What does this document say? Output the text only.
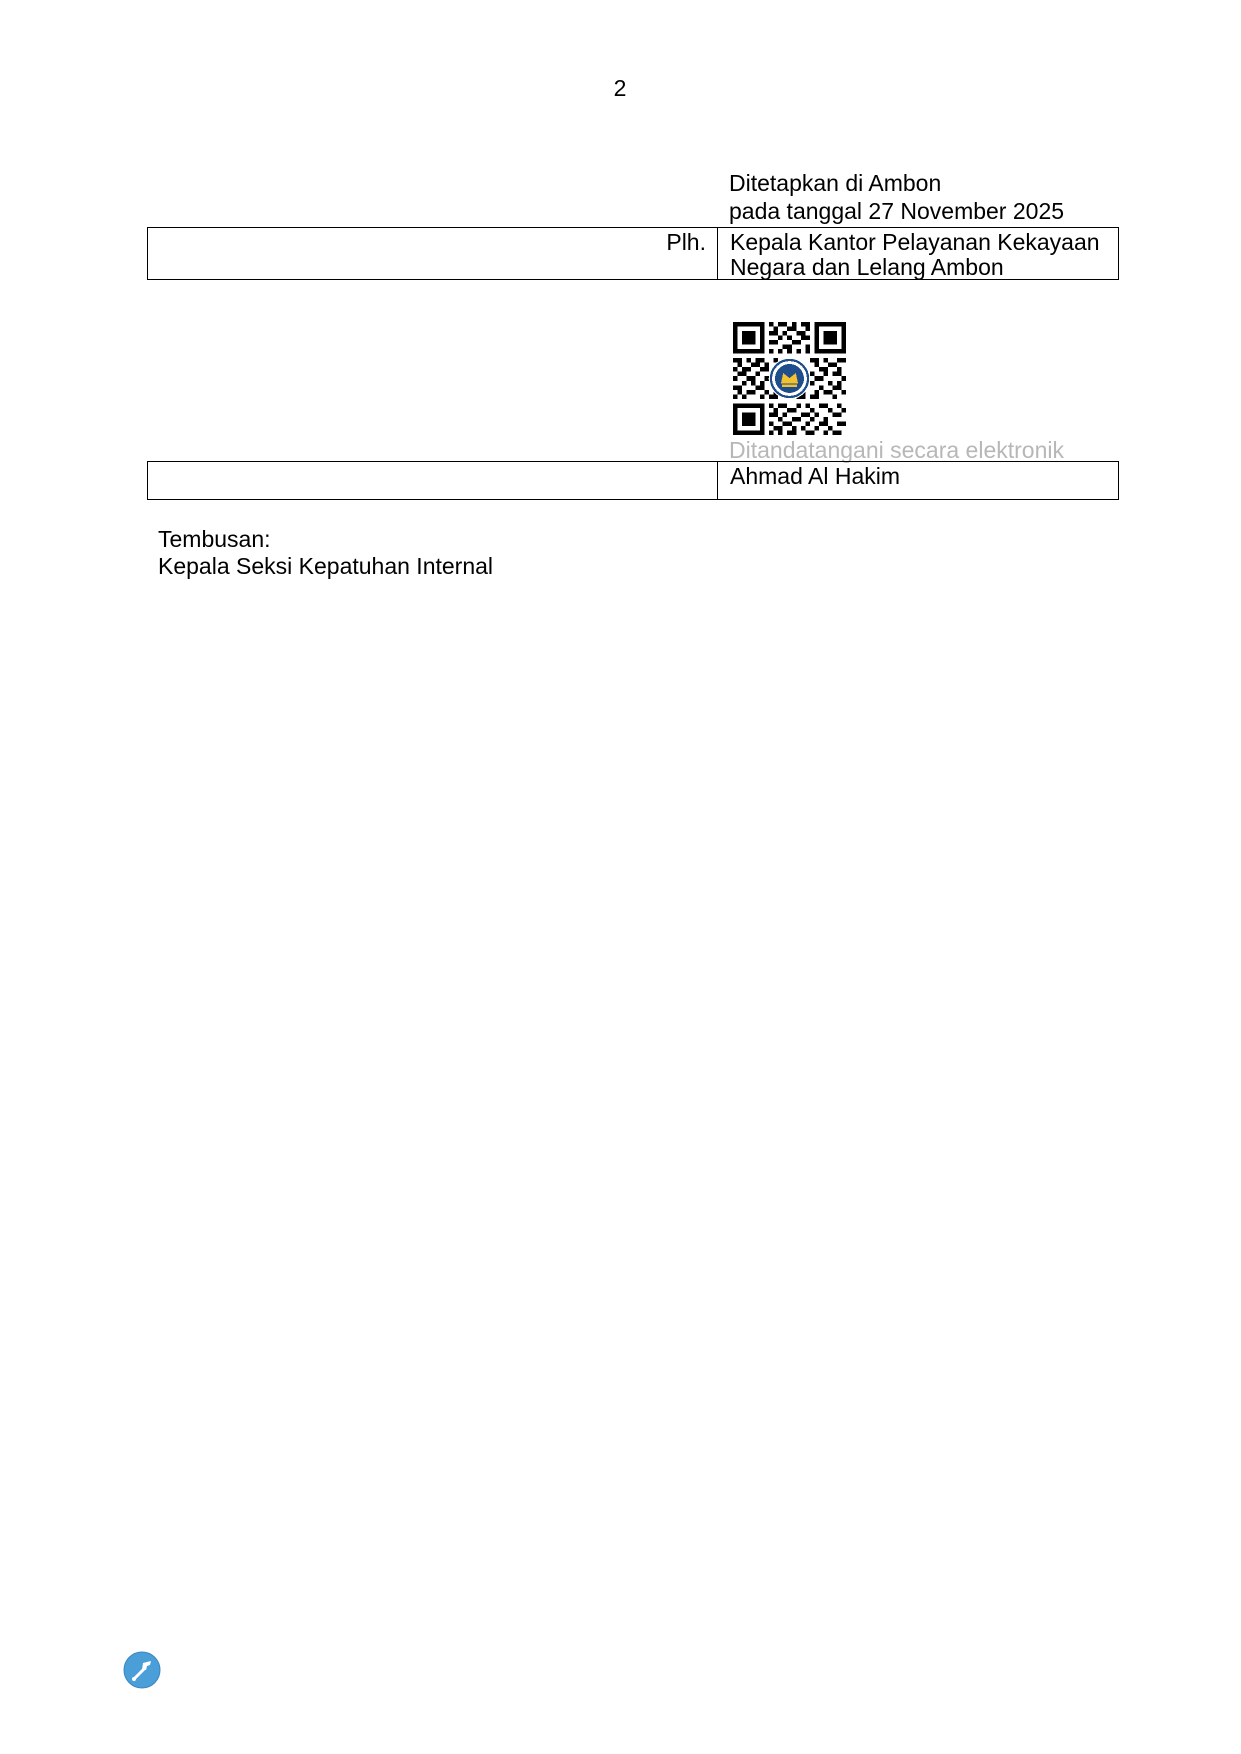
2
Ditetapkan di Ambon
pada tanggal 27 November 2025
Plh. Kepala Kantor Pelayanan Kekayaan
Negara dan Lelang Ambon
Ditandatangani secara elektronik
Ahmad Al Hakim
Tembusan:
Kepala Seksi Kepatuhan Internal
